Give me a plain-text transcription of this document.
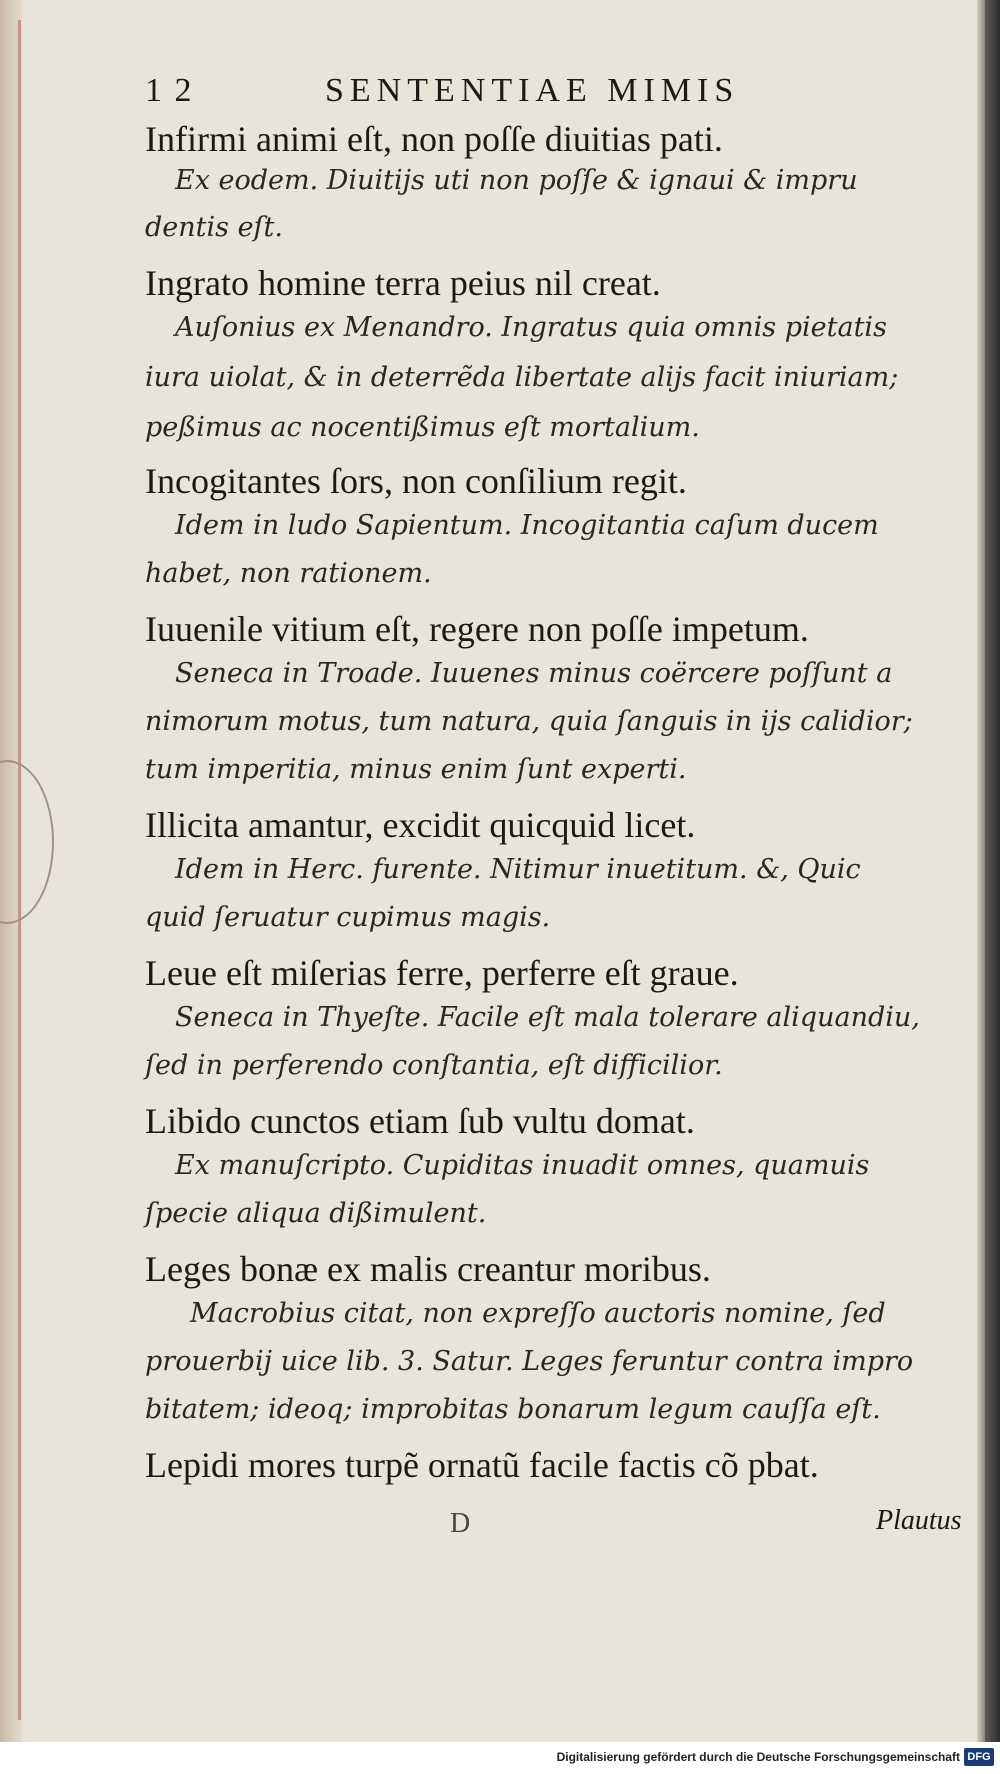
1 2	SENTENTIAE MIMIS
Infirmi animi eſt, non poſſe diuitias pati.
Ex eodem. Diuitijs uti non poſſe & ignaui & impru
dentis eſt.
Ingrato homine terra peius nil creat.
Auſonius ex Menandro. Ingratus quia omnis pietatis
iura uiolat, & in deterrẽda libertate alijs facit iniuriam;
peßimus ac nocentißimus eſt mortalium.
Incogitantes ſors, non conſilium regit.
Idem in ludo Sapientum. Incogitantia caſum ducem
habet, non rationem.
Iuuenile vitium eſt, regere non poſſe impetum.
Seneca in Troade. Iuuenes minus coërcere poſſunt a
nimorum motus, tum natura, quia ſanguis in ijs calidior;
tum imperitia, minus enim ſunt experti.
Illicita amantur, excidit quicquid licet.
Idem in Herc. furente. Nitimur inuetitum. &, Quic
quid ſeruatur cupimus magis.
Leue eſt miſerias ferre, perferre eſt graue.
Seneca in Thyeſte. Facile eſt mala tolerare aliquandiu,
ſed in perferendo conſtantia, eſt difficilior.
Libido cunctos etiam ſub vultu domat.
Ex manuſcripto. Cupiditas inuadit omnes, quamuis
ſpecie aliqua dißimulent.
Leges bonæ ex malis creantur moribus.
Macrobius citat, non expreſſo auctoris nomine, ſed
prouerbij uice lib. 3. Satur. Leges feruntur contra impro
bitatem; ideoq; improbitas bonarum legum cauſſa eſt.
Lepidi mores turpẽ ornatũ facile factis cõ pbat.
D	Plautus
Digitalisierung gefördert durch die Deutsche Forschungsgemeinschaft DFG
